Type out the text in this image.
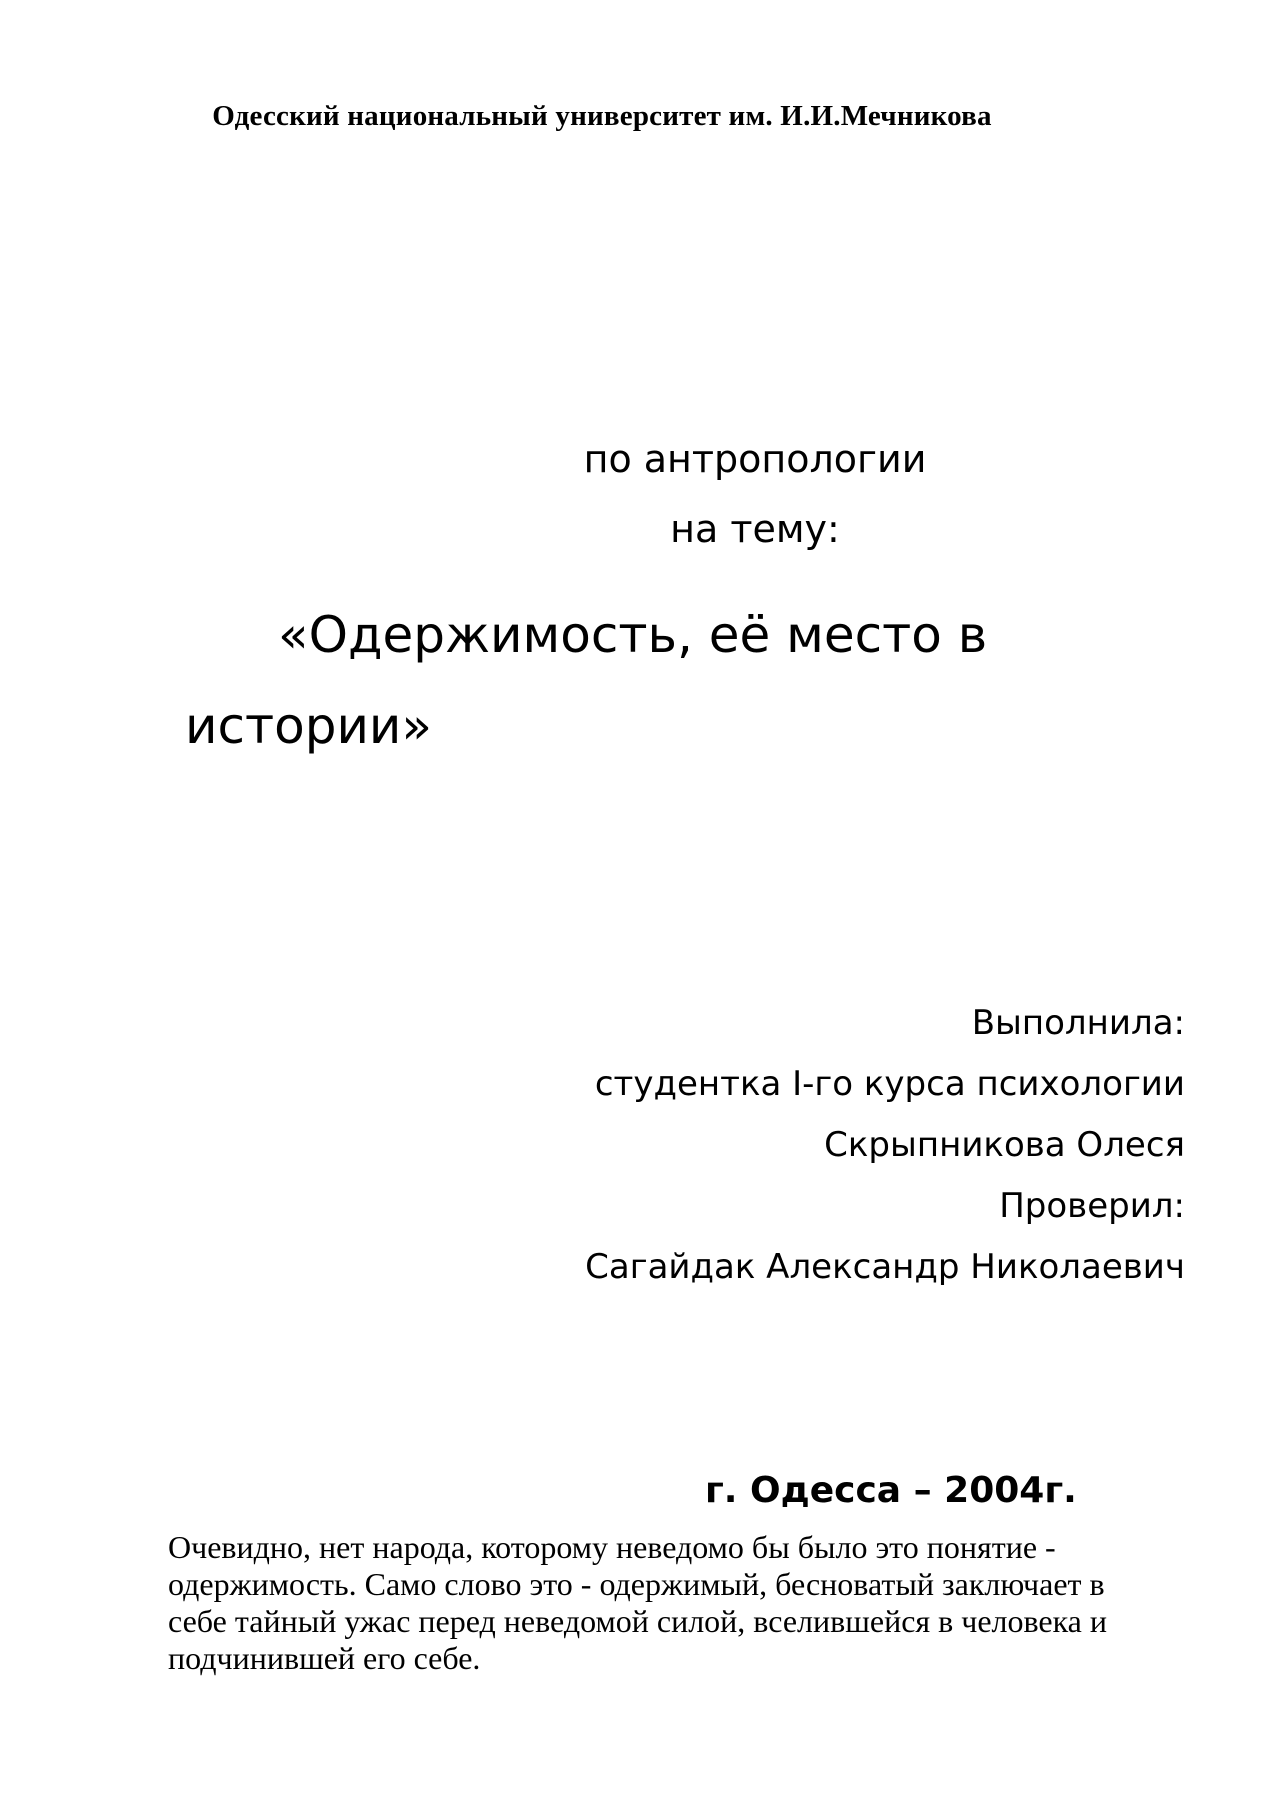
Одесский национальный университет им. И.И.Мечникова
по антропологии
на тему:
«Одержимость, её место в
истории»
Выполнила:
студентка I-го курса психологии
Скрыпникова Олеся
Проверил:
Сагайдак Александр Николаевич
г. Одесса – 2004г.
Очевидно, нет народа, которому неведомо бы было это понятие -
одержимость. Само слово это - одержимый, бесноватый заключает в
себе тайный ужас перед неведомой силой, вселившейся в человека и
подчинившей его себе.
